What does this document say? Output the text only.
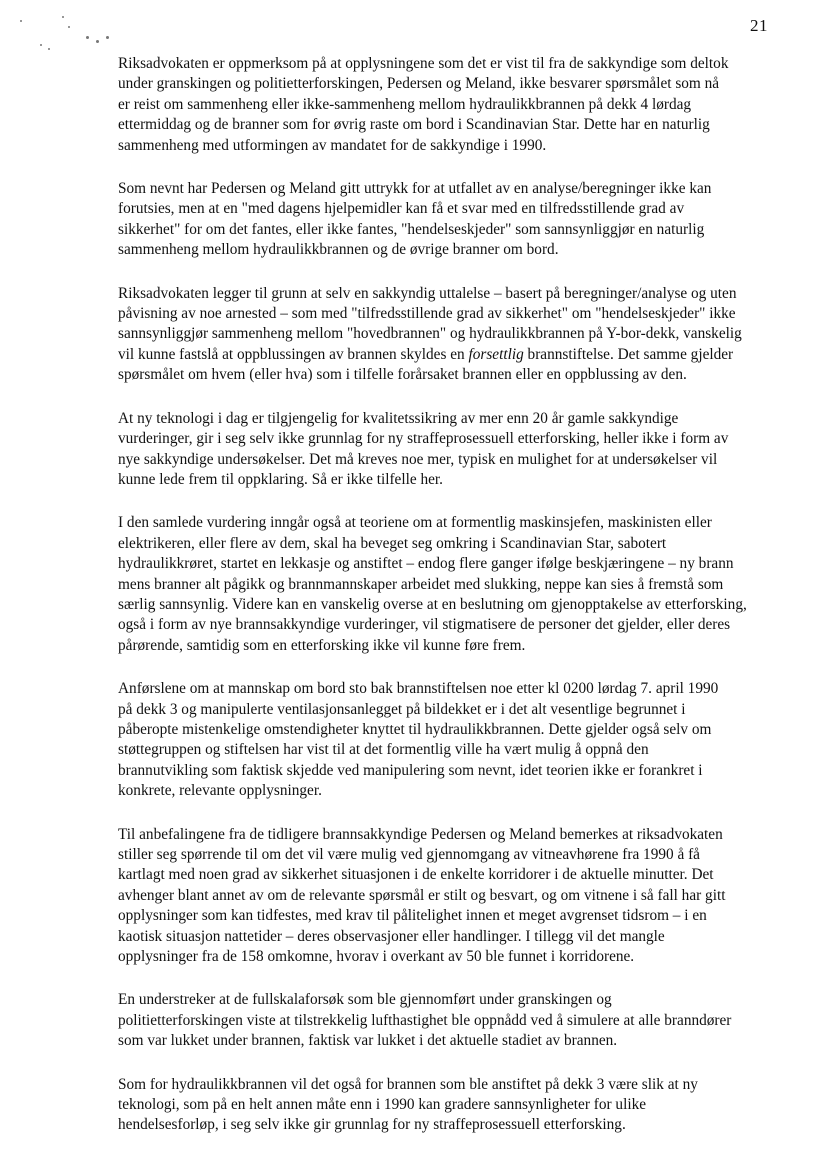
21

Riksadvokaten er oppmerksom på at opplysningene som det er vist til fra de sakkyndige som deltok
under granskingen og politietterforskingen, Pedersen og Meland, ikke besvarer spørsmålet som nå
er reist om sammenheng eller ikke-sammenheng mellom hydraulikkbrannen på dekk 4 lørdag
ettermiddag og de branner som for øvrig raste om bord i Scandinavian Star. Dette har en naturlig
sammenheng med utformingen av mandatet for de sakkyndige i 1990.

Som nevnt har Pedersen og Meland gitt uttrykk for at utfallet av en analyse/beregninger ikke kan
forutsies, men at en "med dagens hjelpemidler kan få et svar med en tilfredsstillende grad av
sikkerhet" for om det fantes, eller ikke fantes, "hendelseskjeder" som sannsynliggjør en naturlig
sammenheng mellom hydraulikkbrannen og de øvrige branner om bord.

Riksadvokaten legger til grunn at selv en sakkyndig uttalelse – basert på beregninger/analyse og uten
påvisning av noe arnested – som med "tilfredsstillende grad av sikkerhet" om "hendelseskjeder" ikke
sannsynliggjør sammenheng mellom "hovedbrannen" og hydraulikkbrannen på Y-bor-dekk, vanskelig
vil kunne fastslå at oppblussingen av brannen skyldes en forsettlig brannstiftelse. Det samme gjelder
spørsmålet om hvem (eller hva) som i tilfelle forårsaket brannen eller en oppblussing av den.

At ny teknologi i dag er tilgjengelig for kvalitetssikring av mer enn 20 år gamle sakkyndige
vurderinger, gir i seg selv ikke grunnlag for ny straffeprosessuell etterforsking, heller ikke i form av
nye sakkyndige undersøkelser. Det må kreves noe mer, typisk en mulighet for at undersøkelser vil
kunne lede frem til oppklaring. Så er ikke tilfelle her.

I den samlede vurdering inngår også at teoriene om at formentlig maskinsjefen, maskinisten eller
elektrikeren, eller flere av dem, skal ha beveget seg omkring i Scandinavian Star, sabotert
hydraulikkrøret, startet en lekkasje og anstiftet – endog flere ganger ifølge beskjæringene – ny brann
mens branner alt pågikk og brannmannskaper arbeidet med slukking, neppe kan sies å fremstå som
særlig sannsynlig. Videre kan en vanskelig overse at en beslutning om gjenopptakelse av etterforsking,
også i form av nye brannsakkyndige vurderinger, vil stigmatisere de personer det gjelder, eller deres
pårørende, samtidig som en etterforsking ikke vil kunne føre frem.

Anførslene om at mannskap om bord sto bak brannstiftelsen noe etter kl 0200 lørdag 7. april 1990
på dekk 3 og manipulerte ventilasjonsanlegget på bildekket er i det alt vesentlige begrunnet i
påberopte mistenkelige omstendigheter knyttet til hydraulikkbrannen. Dette gjelder også selv om
støttegruppen og stiftelsen har vist til at det formentlig ville ha vært mulig å oppnå den
brannutvikling som faktisk skjedde ved manipulering som nevnt, idet teorien ikke er forankret i
konkrete, relevante opplysninger.

Til anbefalingene fra de tidligere brannsakkyndige Pedersen og Meland bemerkes at riksadvokaten
stiller seg spørrende til om det vil være mulig ved gjennomgang av vitneavhørene fra 1990 å få
kartlagt med noen grad av sikkerhet situasjonen i de enkelte korridorer i de aktuelle minutter. Det
avhenger blant annet av om de relevante spørsmål er stilt og besvart, og om vitnene i så fall har gitt
opplysninger som kan tidfestes, med krav til pålitelighet innen et meget avgrenset tidsrom – i en
kaotisk situasjon nattetider – deres observasjoner eller handlinger. I tillegg vil det mangle
opplysninger fra de 158 omkomne, hvorav i overkant av 50 ble funnet i korridorene.

En understreker at de fullskalaforsøk som ble gjennomført under granskingen og
politietterforskingen viste at tilstrekkelig lufthastighet ble oppnådd ved å simulere at alle branndører
som var lukket under brannen, faktisk var lukket i det aktuelle stadiet av brannen.

Som for hydraulikkbrannen vil det også for brannen som ble anstiftet på dekk 3 være slik at ny
teknologi, som på en helt annen måte enn i 1990 kan gradere sannsynligheter for ulike
hendelsesforløp, i seg selv ikke gir grunnlag for ny straffeprosessuell etterforsking.
